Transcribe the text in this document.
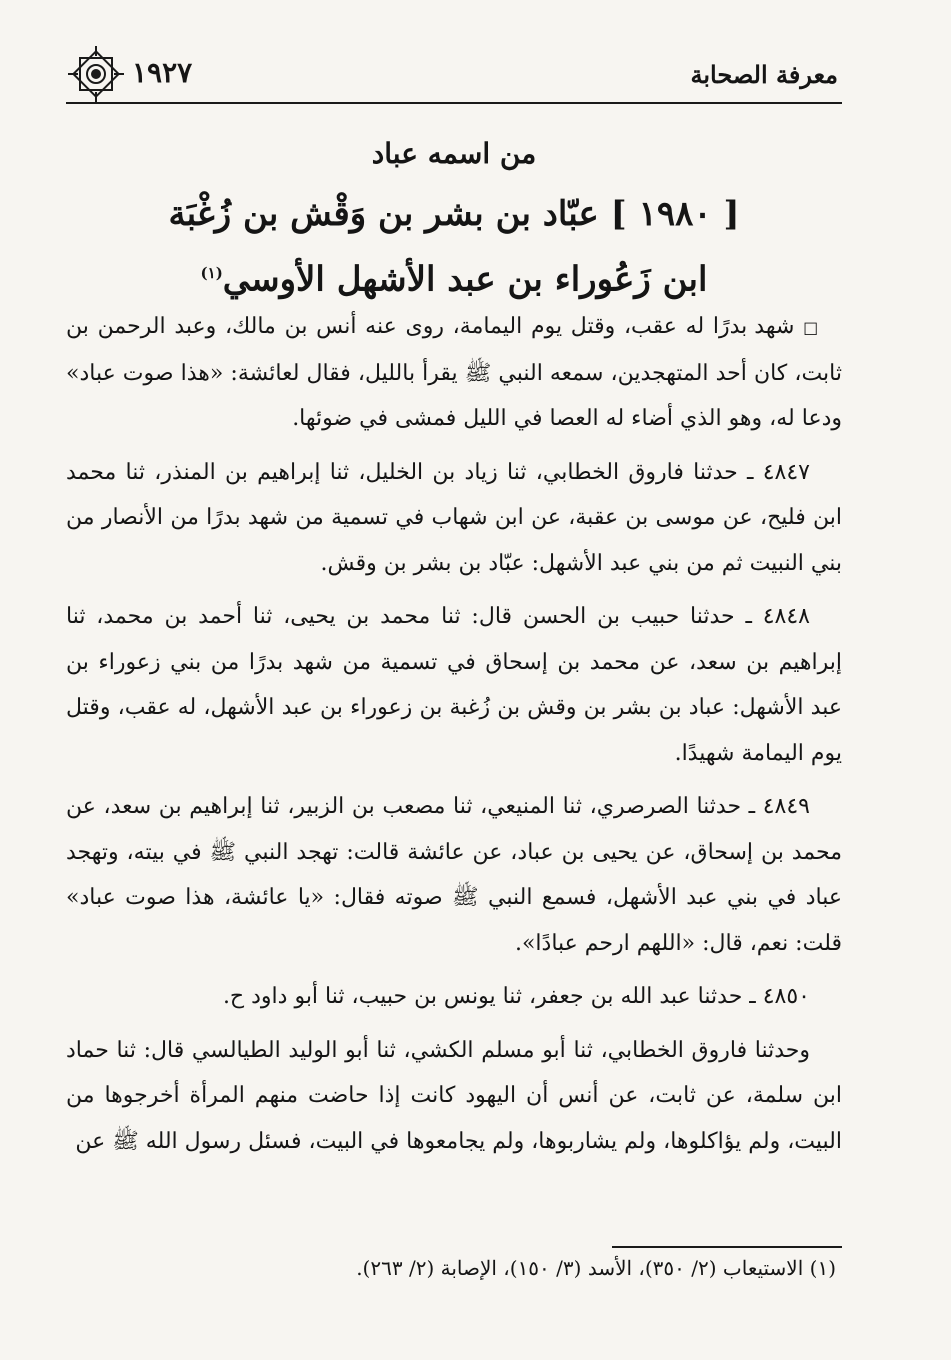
معرفة الصحابة
١٩٢٧
من اسمه عباد
[ ١٩٨٠ ] عبّاد بن بشر بن وَقْش بن زُغْبَة
ابن زَعُوراء بن عبد الأشهل الأوسي$^{(١)}$

□ شهد بدرًا له عقب، وقتل يوم اليمامة، روى عنه أنس بن مالك، وعبد الرحمن بن ثابت، كان أحد المتهجدين، سمعه النبي ﷺ يقرأ بالليل، فقال لعائشة: «هذا صوت عباد» ودعا له، وهو الذي أضاء له العصا في الليل فمشى في ضوئها.

٤٨٤٧ ـ حدثنا فاروق الخطابي، ثنا زياد بن الخليل، ثنا إبراهيم بن المنذر، ثنا محمد ابن فليح، عن موسى بن عقبة، عن ابن شهاب في تسمية من شهد بدرًا من الأنصار من بني النبيت ثم من بني عبد الأشهل: عبّاد بن بشر بن وقش.

٤٨٤٨ ـ حدثنا حبيب بن الحسن قال: ثنا محمد بن يحيى، ثنا أحمد بن محمد، ثنا إبراهيم بن سعد، عن محمد بن إسحاق في تسمية من شهد بدرًا من بني زعوراء بن عبد الأشهل: عباد بن بشر بن وقش بن زُغبة بن زعوراء بن عبد الأشهل، له عقب، وقتل يوم اليمامة شهيدًا.

٤٨٤٩ ـ حدثنا الصرصري، ثنا المنيعي، ثنا مصعب بن الزبير، ثنا إبراهيم بن سعد، عن محمد بن إسحاق، عن يحيى بن عباد، عن عائشة قالت: تهجد النبي ﷺ في بيته، وتهجد عباد في بني عبد الأشهل، فسمع النبي ﷺ صوته فقال: «يا عائشة، هذا صوت عباد» قلت: نعم، قال: «اللهم ارحم عبادًا».

٤٨٥٠ ـ حدثنا عبد الله بن جعفر، ثنا يونس بن حبيب، ثنا أبو داود ح.

وحدثنا فاروق الخطابي، ثنا أبو مسلم الكشي، ثنا أبو الوليد الطيالسي قال: ثنا حماد ابن سلمة، عن ثابت، عن أنس أن اليهود كانت إذا حاضت منهم المرأة أخرجوها من البيت، ولم يؤاكلوها، ولم يشاربوها، ولم يجامعوها في البيت، فسئل رسول الله ﷺ عن

(١) الاستيعاب (٢/ ٣٥٠)، الأسد (٣/ ١٥٠)، الإصابة (٢/ ٢٦٣).
